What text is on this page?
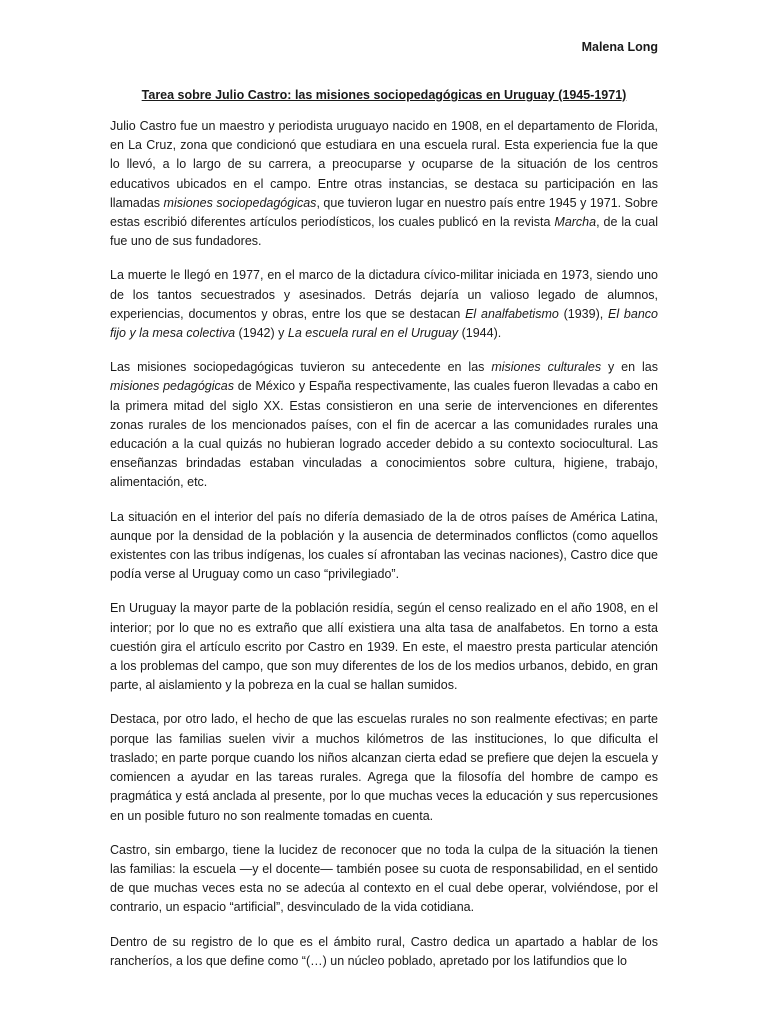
Malena Long
Tarea sobre Julio Castro: las misiones sociopedagógicas en Uruguay (1945-1971)

Julio Castro fue un maestro y periodista uruguayo nacido en 1908, en el departamento de Florida, en La Cruz, zona que condicionó que estudiara en una escuela rural. Esta experiencia fue la que lo llevó, a lo largo de su carrera, a preocuparse y ocuparse de la situación de los centros educativos ubicados en el campo. Entre otras instancias, se destaca su participación en las llamadas misiones sociopedagógicas, que tuvieron lugar en nuestro país entre 1945 y 1971. Sobre estas escribió diferentes artículos periodísticos, los cuales publicó en la revista Marcha, de la cual fue uno de sus fundadores.

La muerte le llegó en 1977, en el marco de la dictadura cívico-militar iniciada en 1973, siendo uno de los tantos secuestrados y asesinados. Detrás dejaría un valioso legado de alumnos, experiencias, documentos y obras, entre los que se destacan El analfabetismo (1939), El banco fijo y la mesa colectiva (1942) y La escuela rural en el Uruguay (1944).

Las misiones sociopedagógicas tuvieron su antecedente en las misiones culturales y en las misiones pedagógicas de México y España respectivamente, las cuales fueron llevadas a cabo en la primera mitad del siglo XX. Estas consistieron en una serie de intervenciones en diferentes zonas rurales de los mencionados países, con el fin de acercar a las comunidades rurales una educación a la cual quizás no hubieran logrado acceder debido a su contexto sociocultural. Las enseñanzas brindadas estaban vinculadas a conocimientos sobre cultura, higiene, trabajo, alimentación, etc.

La situación en el interior del país no difería demasiado de la de otros países de América Latina, aunque por la densidad de la población y la ausencia de determinados conflictos (como aquellos existentes con las tribus indígenas, los cuales sí afrontaban las vecinas naciones), Castro dice que podía verse al Uruguay como un caso “privilegiado”.

En Uruguay la mayor parte de la población residía, según el censo realizado en el año 1908, en el interior; por lo que no es extraño que allí existiera una alta tasa de analfabetos. En torno a esta cuestión gira el artículo escrito por Castro en 1939. En este, el maestro presta particular atención a los problemas del campo, que son muy diferentes de los de los medios urbanos, debido, en gran parte, al aislamiento y la pobreza en la cual se hallan sumidos.

Destaca, por otro lado, el hecho de que las escuelas rurales no son realmente efectivas; en parte porque las familias suelen vivir a muchos kilómetros de las instituciones, lo que dificulta el traslado; en parte porque cuando los niños alcanzan cierta edad se prefiere que dejen la escuela y comiencen a ayudar en las tareas rurales. Agrega que la filosofía del hombre de campo es pragmática y está anclada al presente, por lo que muchas veces la educación y sus repercusiones en un posible futuro no son realmente tomadas en cuenta.

Castro, sin embargo, tiene la lucidez de reconocer que no toda la culpa de la situación la tienen las familias: la escuela —y el docente— también posee su cuota de responsabilidad, en el sentido de que muchas veces esta no se adecúa al contexto en el cual debe operar, volviéndose, por el contrario, un espacio “artificial”, desvinculado de la vida cotidiana.

Dentro de su registro de lo que es el ámbito rural, Castro dedica un apartado a hablar de los rancheríos, a los que define como “(…) un núcleo poblado, apretado por los latifundios que lo
